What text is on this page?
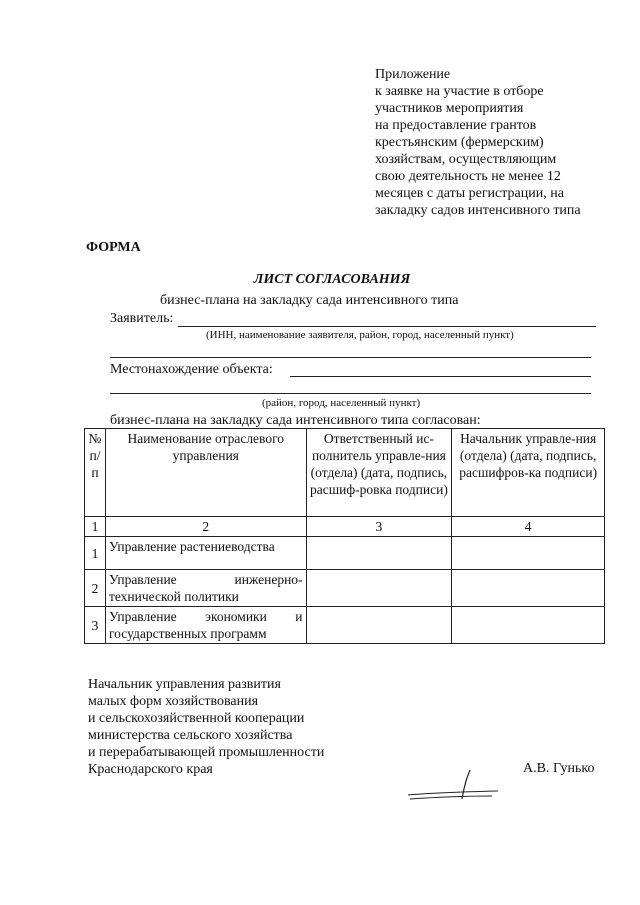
Приложение
к заявке на участие в отборе
участников мероприятия
на предоставление грантов
крестьянским (фермерским)
хозяйствам, осуществляющим
свою деятельность не менее 12
месяцев с даты регистрации, на
закладку садов интенсивного типа
ФОРМА
ЛИСТ СОГЛАСОВАНИЯ
бизнес-плана на закладку сада интенсивного типа
Заявитель:
(ИНН, наименование заявителя, район, город, населенный пункт)
Местонахождение объекта:
(район, город, населенный пункт)
бизнес-плана на закладку сада интенсивного типа согласован:
№ п/п	Наименование отраслевого управления	Ответственный ис-полнитель управле-ния (отдела) (дата, подпись, расшиф-ровка подписи)	Начальник управле-ния (отдела) (дата, подпись, расшифров-ка подписи)
1	2	3	4
1	Управление растениеводства		

2	Управление инженерно-
технической политики		

3	Управление экономики и
государственных программ		

Начальник управления развития
малых форм хозяйствования
и сельскохозяйственной кооперации
министерства сельского хозяйства
и перерабатывающей промышленности
Краснодарского края	А.В. Гунько
